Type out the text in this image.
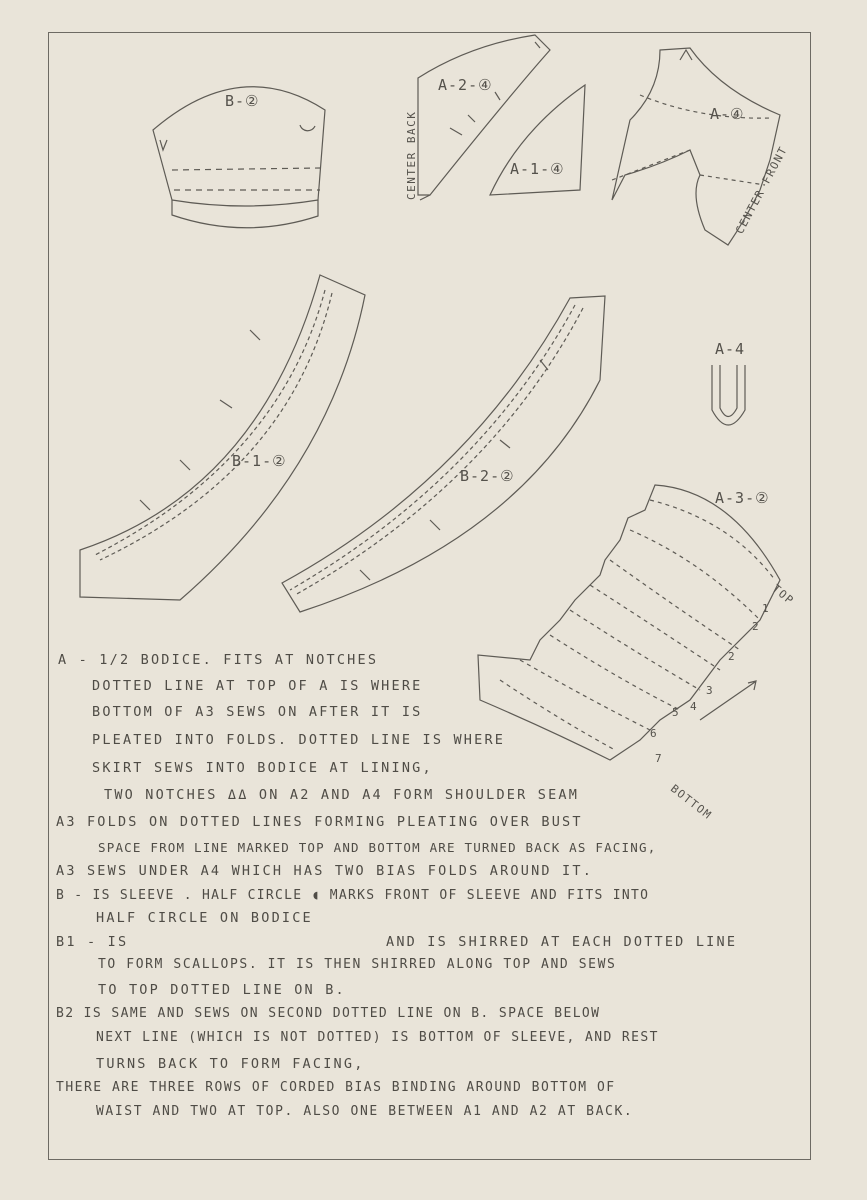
B-②
A-2-④
CENTER BACK	A-1-④
A-④
CENTER FRONT
B-1-②
B-2-②
A-4
A-3-②
TOP
BOTTOM
1
2
2
3
4
5
6
7
A - 1/2 BODICE. FITS AT NOTCHES
DOTTED LINE AT TOP OF A IS WHERE
BOTTOM OF A3 SEWS ON AFTER IT IS
PLEATED INTO FOLDS. DOTTED LINE IS WHERE
SKIRT SEWS INTO BODICE AT LINING,
TWO NOTCHES ΔΔ ON A2 AND A4 FORM SHOULDER SEAM
A3 FOLDS ON DOTTED LINES FORMING PLEATING OVER BUST
SPACE FROM LINE MARKED TOP AND BOTTOM ARE TURNED BACK AS FACING,
A3 SEWS UNDER A4 WHICH HAS TWO BIAS FOLDS AROUND IT.
B - IS SLEEVE . HALF CIRCLE ◖ MARKS FRONT OF SLEEVE AND FITS INTO
HALF CIRCLE ON BODICE
B1 - IS	AND IS SHIRRED AT EACH DOTTED LINE
TO FORM SCALLOPS. IT IS THEN SHIRRED ALONG TOP AND SEWS
TO TOP DOTTED LINE ON B.
B2 IS SAME AND SEWS ON SECOND DOTTED LINE ON B. SPACE BELOW
NEXT LINE (WHICH IS NOT DOTTED) IS BOTTOM OF SLEEVE, AND REST
TURNS BACK TO FORM FACING,
THERE ARE THREE ROWS OF CORDED BIAS BINDING AROUND BOTTOM OF
WAIST AND TWO AT TOP. ALSO ONE BETWEEN A1 AND A2 AT BACK.
